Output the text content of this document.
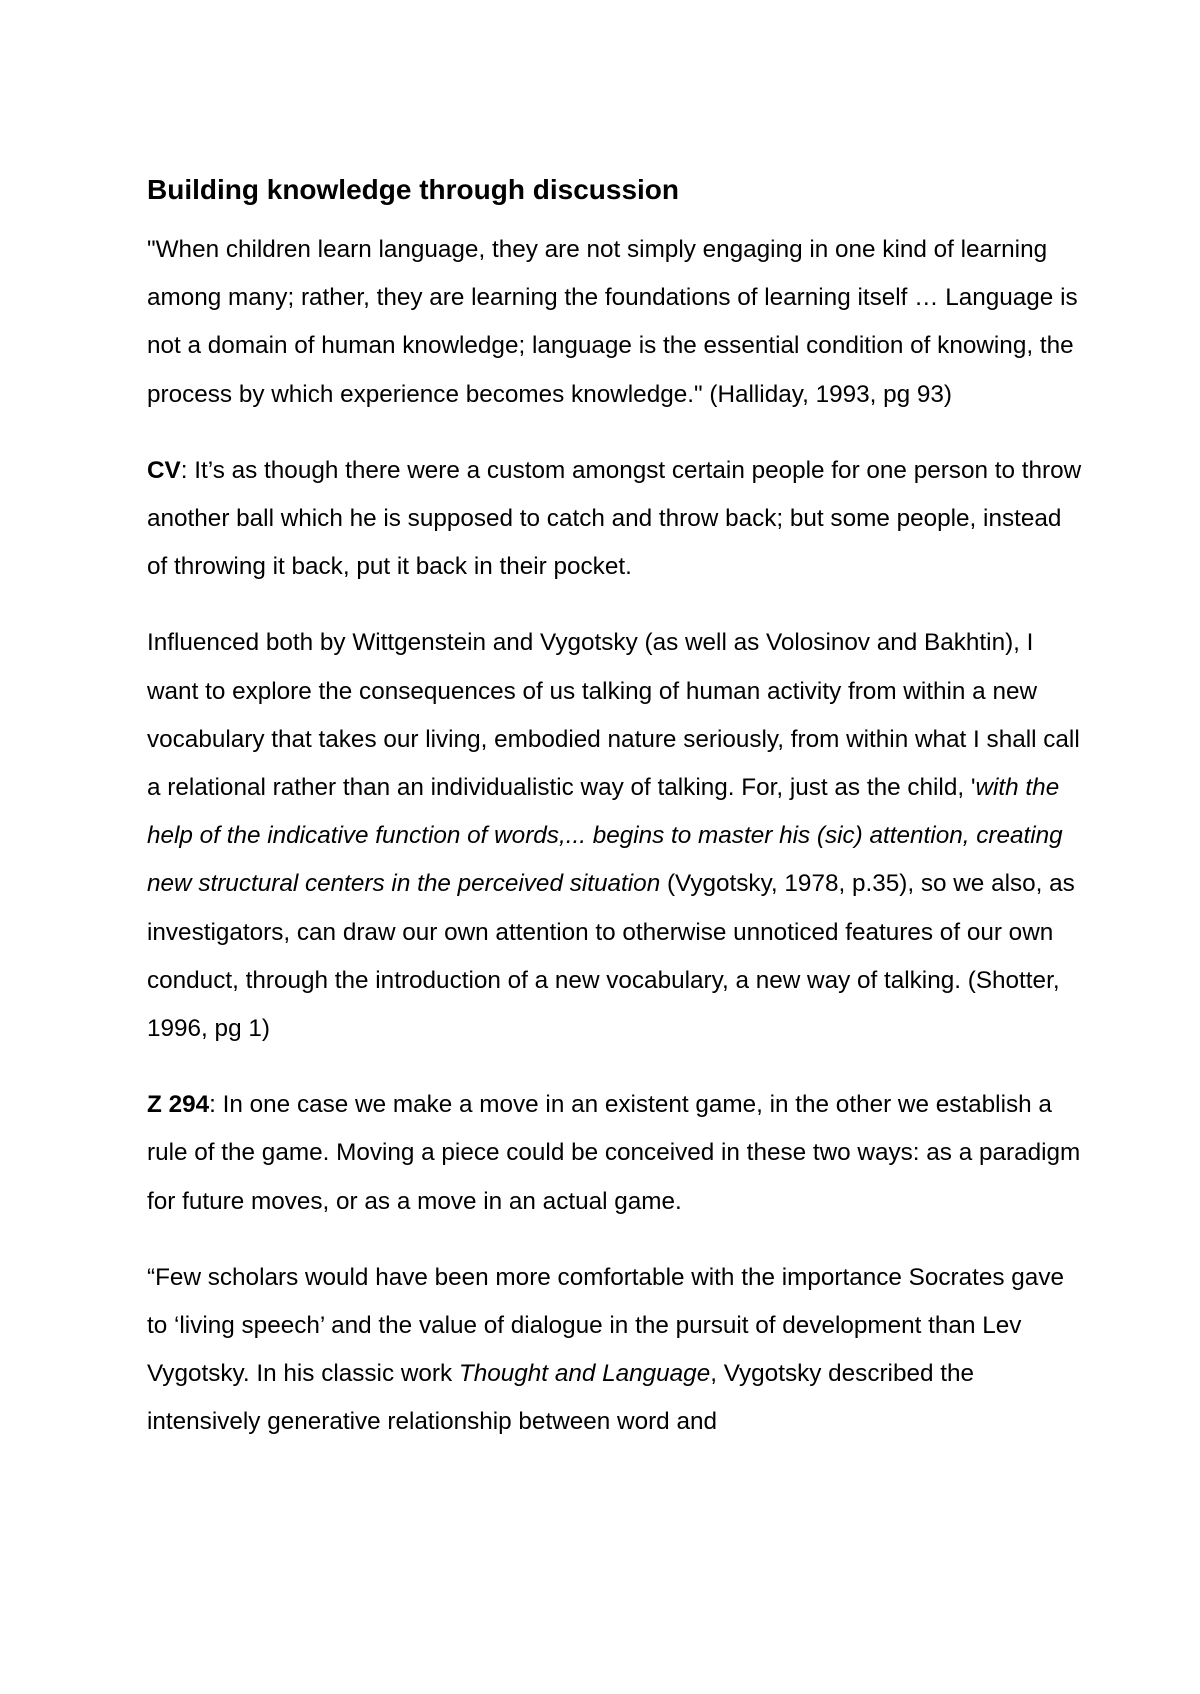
Building knowledge through discussion

"When children learn language, they are not simply engaging in one kind of learning among many; rather, they are learning the foundations of learning itself … Language is not a domain of human knowledge; language is the essential condition of knowing, the process by which experience becomes knowledge." (Halliday, 1993, pg 93)

CV: It’s as though there were a custom amongst certain people for one person to throw another ball which he is supposed to catch and throw back; but some people, instead of throwing it back, put it back in their pocket.

Influenced both by Wittgenstein and Vygotsky (as well as Volosinov and Bakhtin), I want to explore the consequences of us talking of human activity from within a new vocabulary that takes our living, embodied nature seriously, from within what I shall call a relational rather than an individualistic way of talking. For, just as the child, 'with the help of the indicative function of words,... begins to master his (sic) attention, creating new structural centers in the perceived situation (Vygotsky, 1978, p.35), so we also, as investigators, can draw our own attention to otherwise unnoticed features of our own conduct, through the introduction of a new vocabulary, a new way of talking. (Shotter, 1996, pg 1)

Z 294: In one case we make a move in an existent game, in the other we establish a rule of the game. Moving a piece could be conceived in these two ways: as a paradigm for future moves, or as a move in an actual game.

“Few scholars would have been more comfortable with the importance Socrates gave to ‘living speech’ and the value of dialogue in the pursuit of development than Lev Vygotsky. In his classic work Thought and Language, Vygotsky described the intensively generative relationship between word and
